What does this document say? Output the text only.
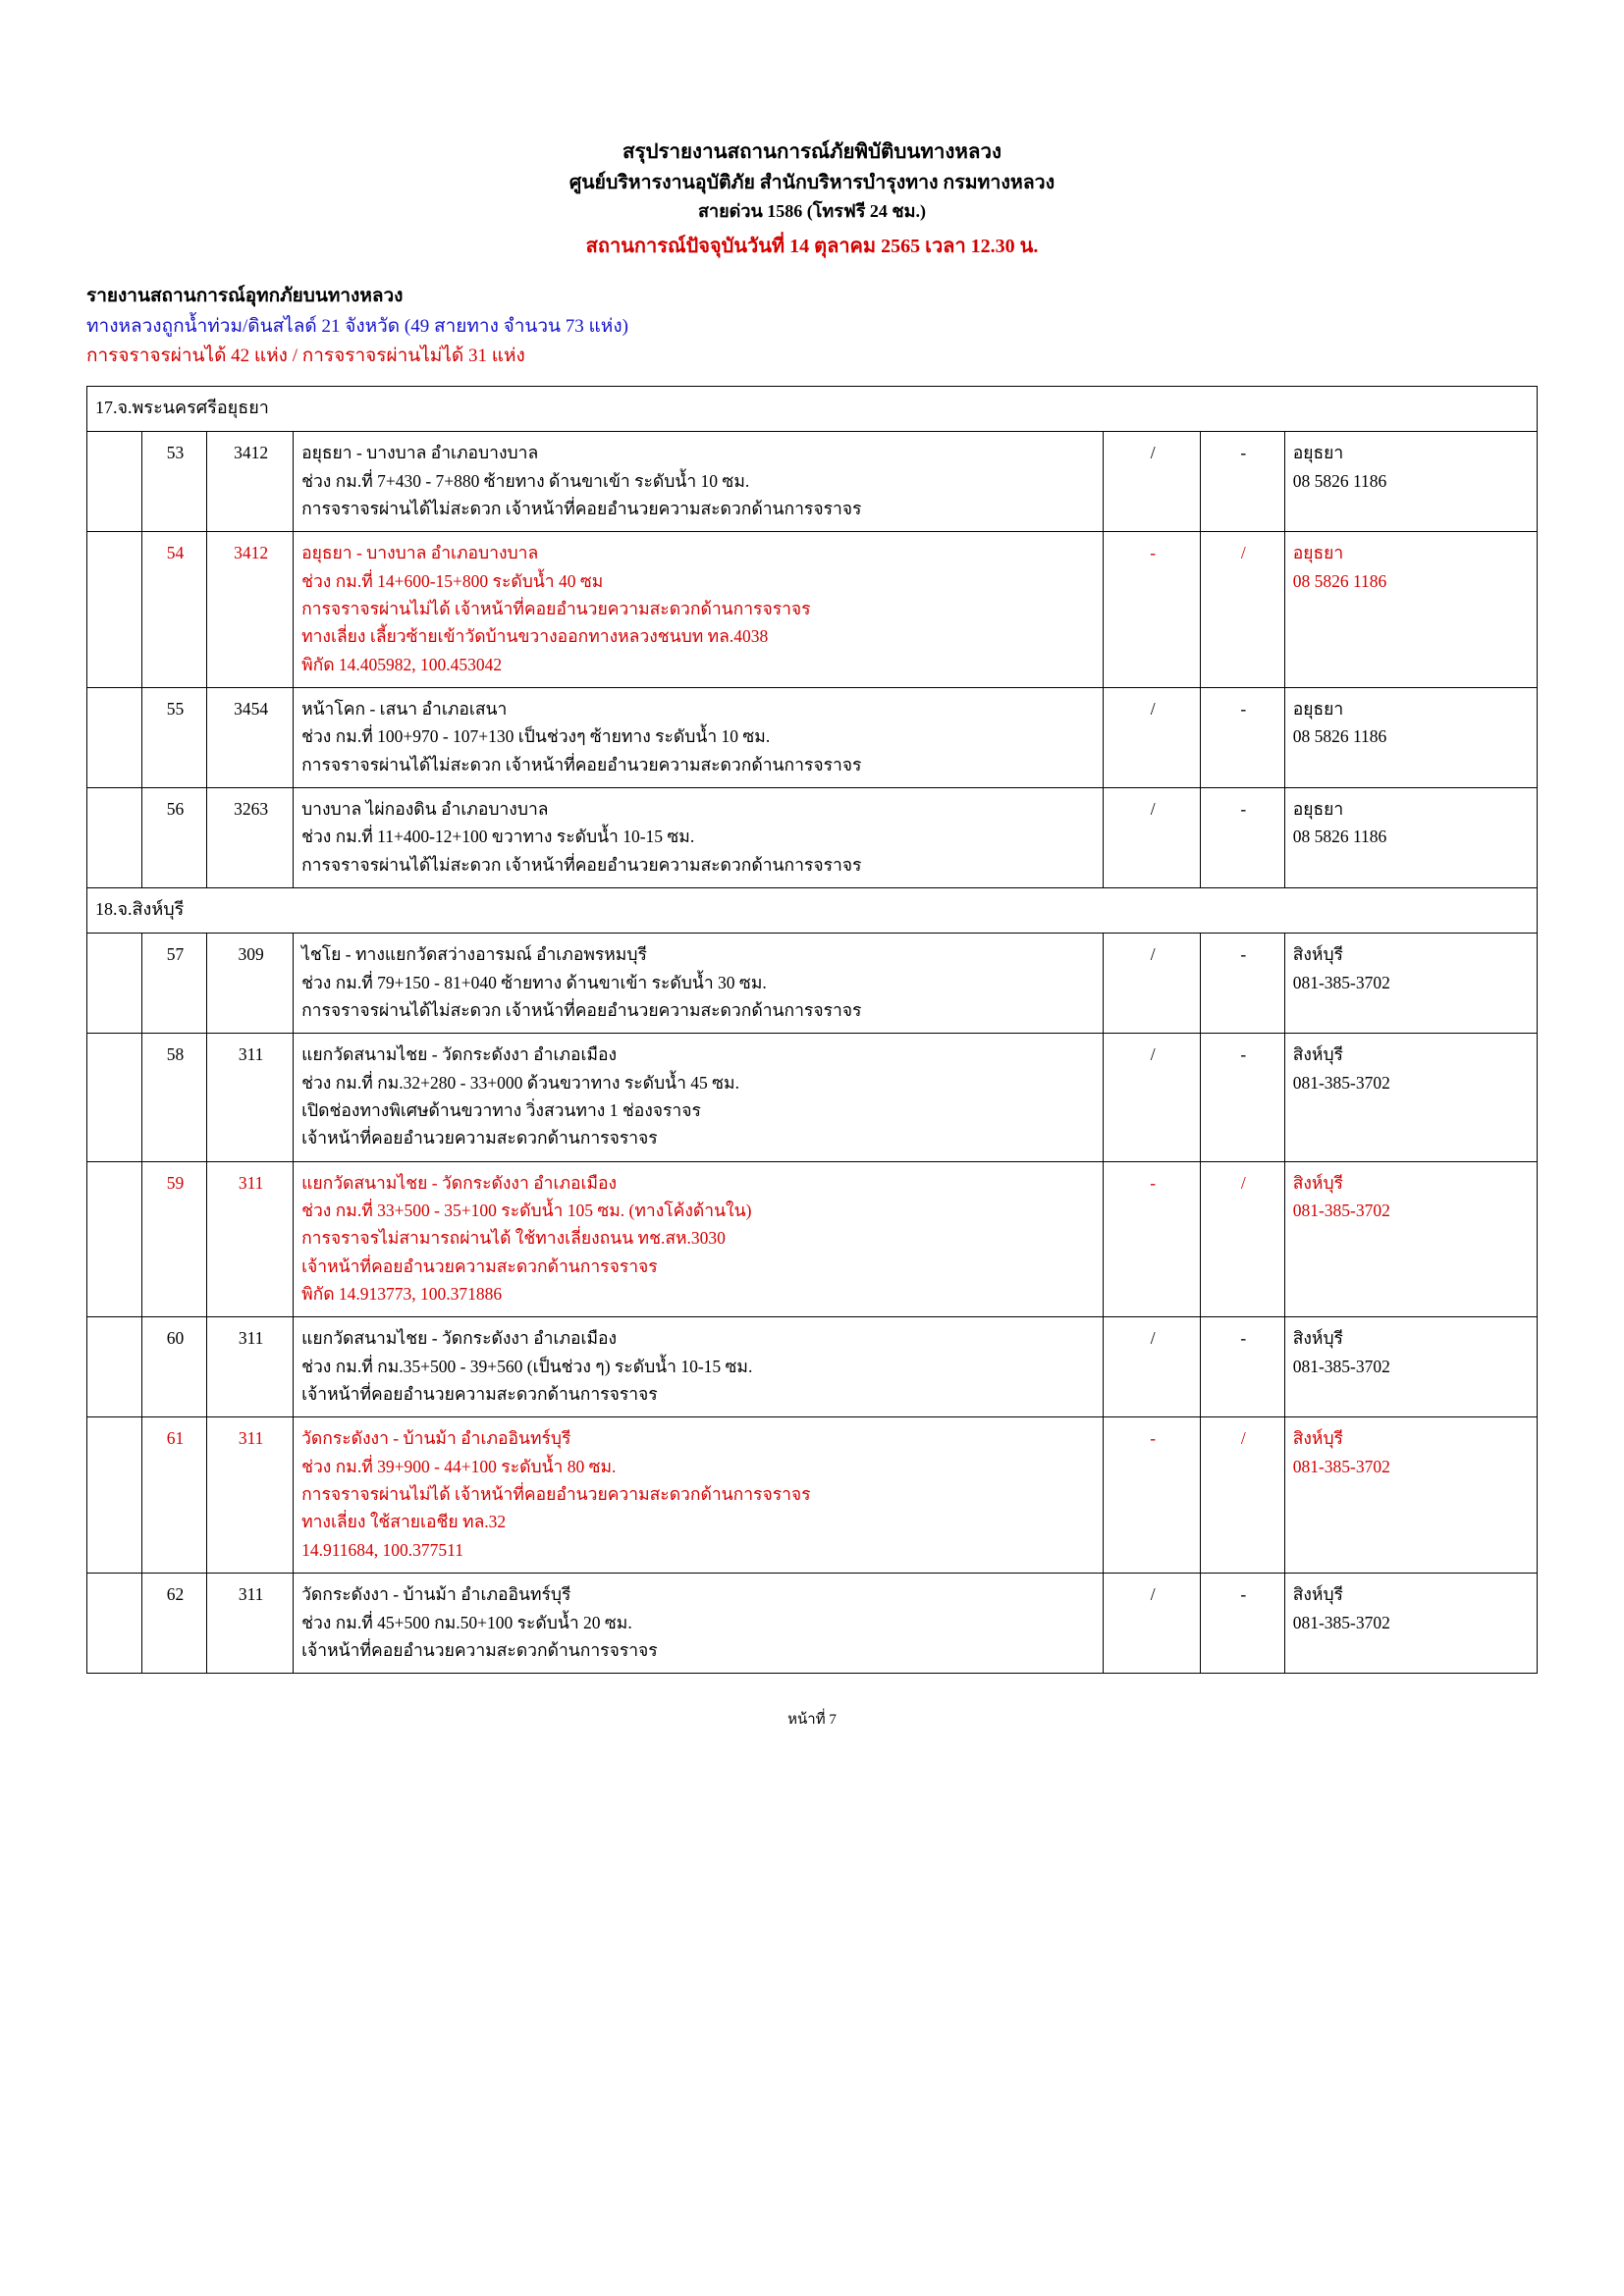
สรุปรายงานสถานการณ์ภัยพิบัติบนทางหลวง
ศูนย์บริหารงานอุบัติภัย สำนักบริหารบำรุงทาง กรมทางหลวง
สายด่วน 1586 (โทรฟรี 24 ชม.)
สถานการณ์ปัจจุบันวันที่ 14 ตุลาคม 2565 เวลา 12.30 น.
รายงานสถานการณ์อุทกภัยบนทางหลวง
ทางหลวงถูกน้ำท่วม/ดินสไลด์ 21 จังหวัด (49 สายทาง จำนวน 73 แห่ง)
การจราจรผ่านได้ 42 แห่ง / การจราจรผ่านไม่ได้ 31 แห่ง
17.จ.พระนครศรีอยุธยา						
	53	3412	อยุธยา - บางบาล อำเภอบางบาล
ช่วง กม.ที่ 7+430 - 7+880 ซ้ายทาง ด้านขาเข้า ระดับน้ำ 10 ซม.
การจราจรผ่านได้ไม่สะดวก เจ้าหน้าที่คอยอำนวยความสะดวกด้านการจราจร	/	-	อยุธยา
08 5826 1186

	54	3412	อยุธยา - บางบาล อำเภอบางบาล
ช่วง กม.ที่ 14+600-15+800 ระดับน้ำ 40 ซม
การจราจรผ่านไม่ได้ เจ้าหน้าที่คอยอำนวยความสะดวกด้านการจราจร
ทางเลี่ยง เลี้ยวซ้ายเข้าวัดบ้านขวางออกทางหลวงชนบท ทล.4038
พิกัด 14.405982, 100.453042	-	/	อยุธยา
08 5826 1186

	55	3454	หน้าโคก - เสนา อำเภอเสนา
ช่วง กม.ที่ 100+970 - 107+130 เป็นช่วงๆ ซ้ายทาง ระดับน้ำ 10 ซม.
การจราจรผ่านได้ไม่สะดวก เจ้าหน้าที่คอยอำนวยความสะดวกด้านการจราจร	/	-	อยุธยา
08 5826 1186

	56	3263	บางบาล ไผ่กองดิน อำเภอบางบาล
ช่วง กม.ที่ 11+400-12+100 ขวาทาง ระดับน้ำ 10-15 ซม.
การจราจรผ่านได้ไม่สะดวก เจ้าหน้าที่คอยอำนวยความสะดวกด้านการจราจร	/	-	อยุธยา
08 5826 1186

18.จ.สิงห์บุรี						
	57	309	ไชโย - ทางแยกวัดสว่างอารมณ์ อำเภอพรหมบุรี
ช่วง กม.ที่ 79+150 - 81+040 ซ้ายทาง ด้านขาเข้า ระดับน้ำ 30 ซม.
การจราจรผ่านได้ไม่สะดวก เจ้าหน้าที่คอยอำนวยความสะดวกด้านการจราจร	/	-	สิงห์บุรี
081-385-3702

	58	311	แยกวัดสนามไชย - วัดกระดังงา อำเภอเมือง
ช่วง กม.ที่ กม.32+280 - 33+000 ด้วนขวาทาง ระดับน้ำ 45 ซม.
เปิดช่องทางพิเศษด้านขวาทาง วิ่งสวนทาง 1 ช่องจราจร
เจ้าหน้าที่คอยอำนวยความสะดวกด้านการจราจร	/	-	สิงห์บุรี
081-385-3702

	59	311	แยกวัดสนามไชย - วัดกระดังงา อำเภอเมือง
ช่วง กม.ที่ 33+500 - 35+100 ระดับน้ำ 105 ซม. (ทางโค้งด้านใน)
การจราจรไม่สามารถผ่านได้ ใช้ทางเลี่ยงถนน ทช.สห.3030
เจ้าหน้าที่คอยอำนวยความสะดวกด้านการจราจร
พิกัด 14.913773, 100.371886	-	/	สิงห์บุรี
081-385-3702

	60	311	แยกวัดสนามไชย - วัดกระดังงา อำเภอเมือง
ช่วง กม.ที่ กม.35+500 - 39+560 (เป็นช่วง ๆ) ระดับน้ำ 10-15 ซม.
เจ้าหน้าที่คอยอำนวยความสะดวกด้านการจราจร	/	-	สิงห์บุรี
081-385-3702

	61	311	วัดกระดังงา - บ้านม้า อำเภออินทร์บุรี
ช่วง กม.ที่ 39+900 - 44+100 ระดับน้ำ 80 ซม.
การจราจรผ่านไม่ได้ เจ้าหน้าที่คอยอำนวยความสะดวกด้านการจราจร
ทางเลี่ยง ใช้สายเอชีย ทล.32
14.911684, 100.377511	-	/	สิงห์บุรี
081-385-3702

	62	311	วัดกระดังงา - บ้านม้า อำเภออินทร์บุรี
ช่วง กม.ที่ 45+500 กม.50+100 ระดับน้ำ 20 ซม.
เจ้าหน้าที่คอยอำนวยความสะดวกด้านการจราจร	/	-	สิงห์บุรี
081-385-3702
หน้าที่ 7
